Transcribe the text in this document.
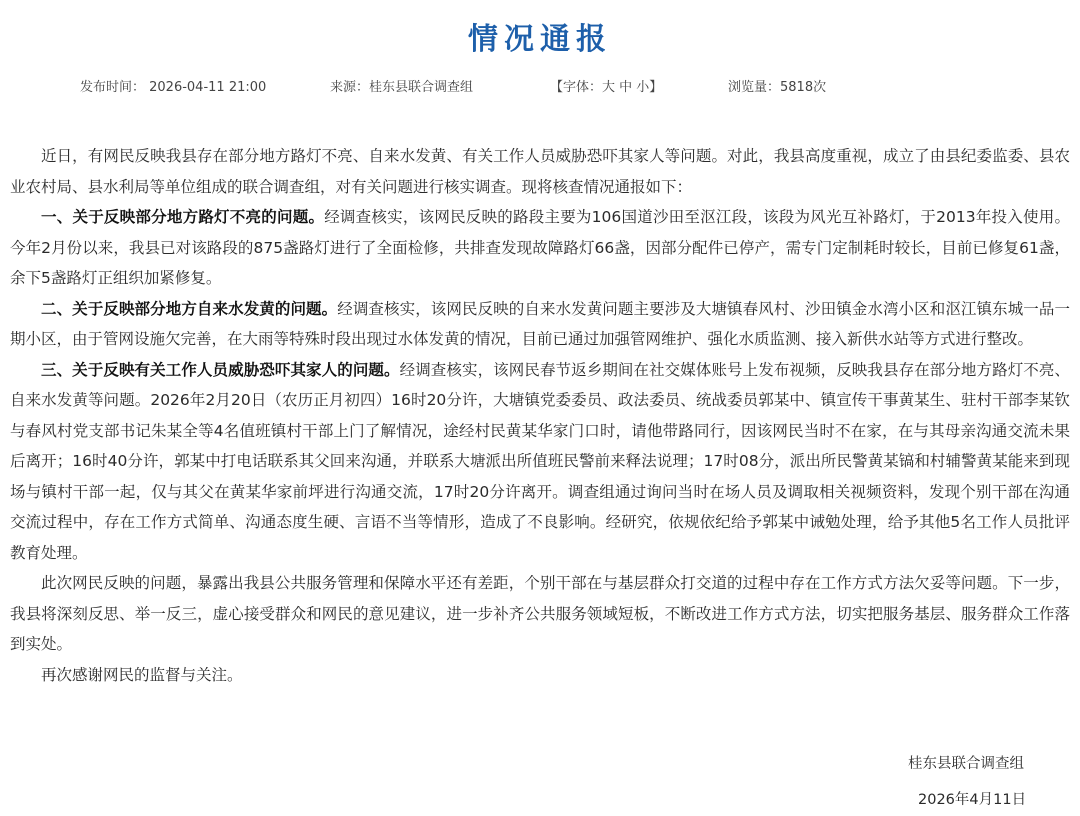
情况通报
发布时间： 2026-04-11 21:00	来源：桂东县联合调查组	【字体：大 中 小】	浏览量：5818次

近日，有网民反映我县存在部分地方路灯不亮、自来水发黄、有关工作人员威胁恐吓其家人等问题。对此，我县高度重视，成立了由县纪委监委、县农业农村局、县水利局等单位组成的联合调查组，对有关问题进行核实调查。现将核查情况通报如下：

一、关于反映部分地方路灯不亮的问题。经调查核实，该网民反映的路段主要为106国道沙田至沤江段，该段为风光互补路灯，于2013年投入使用。今年2月份以来，我县已对该路段的875盏路灯进行了全面检修，共排查发现故障路灯66盏，因部分配件已停产，需专门定制耗时较长，目前已修复61盏，余下5盏路灯正组织加紧修复。

二、关于反映部分地方自来水发黄的问题。经调查核实，该网民反映的自来水发黄问题主要涉及大塘镇春风村、沙田镇金水湾小区和沤江镇东城一品一期小区，由于管网设施欠完善，在大雨等特殊时段出现过水体发黄的情况，目前已通过加强管网维护、强化水质监测、接入新供水站等方式进行整改。

三、关于反映有关工作人员威胁恐吓其家人的问题。经调查核实，该网民春节返乡期间在社交媒体账号上发布视频，反映我县存在部分地方路灯不亮、自来水发黄等问题。2026年2月20日（农历正月初四）16时20分许，大塘镇党委委员、政法委员、统战委员郭某中、镇宣传干事黄某生、驻村干部李某钦与春风村党支部书记朱某全等4名值班镇村干部上门了解情况，途经村民黄某华家门口时，请他带路同行，因该网民当时不在家，在与其母亲沟通交流未果后离开；16时40分许，郭某中打电话联系其父回来沟通，并联系大塘派出所值班民警前来释法说理；17时08分，派出所民警黄某镐和村辅警黄某能来到现场与镇村干部一起，仅与其父在黄某华家前坪进行沟通交流，17时20分许离开。调查组通过询问当时在场人员及调取相关视频资料，发现个别干部在沟通交流过程中，存在工作方式简单、沟通态度生硬、言语不当等情形，造成了不良影响。经研究，依规依纪给予郭某中诫勉处理，给予其他5名工作人员批评教育处理。

此次网民反映的问题，暴露出我县公共服务管理和保障水平还有差距，个别干部在与基层群众打交道的过程中存在工作方式方法欠妥等问题。下一步，我县将深刻反思、举一反三，虚心接受群众和网民的意见建议，进一步补齐公共服务领域短板，不断改进工作方式方法，切实把服务基层、服务群众工作落到实处。

再次感谢网民的监督与关注。

桂东县联合调查组
2026年4月11日
